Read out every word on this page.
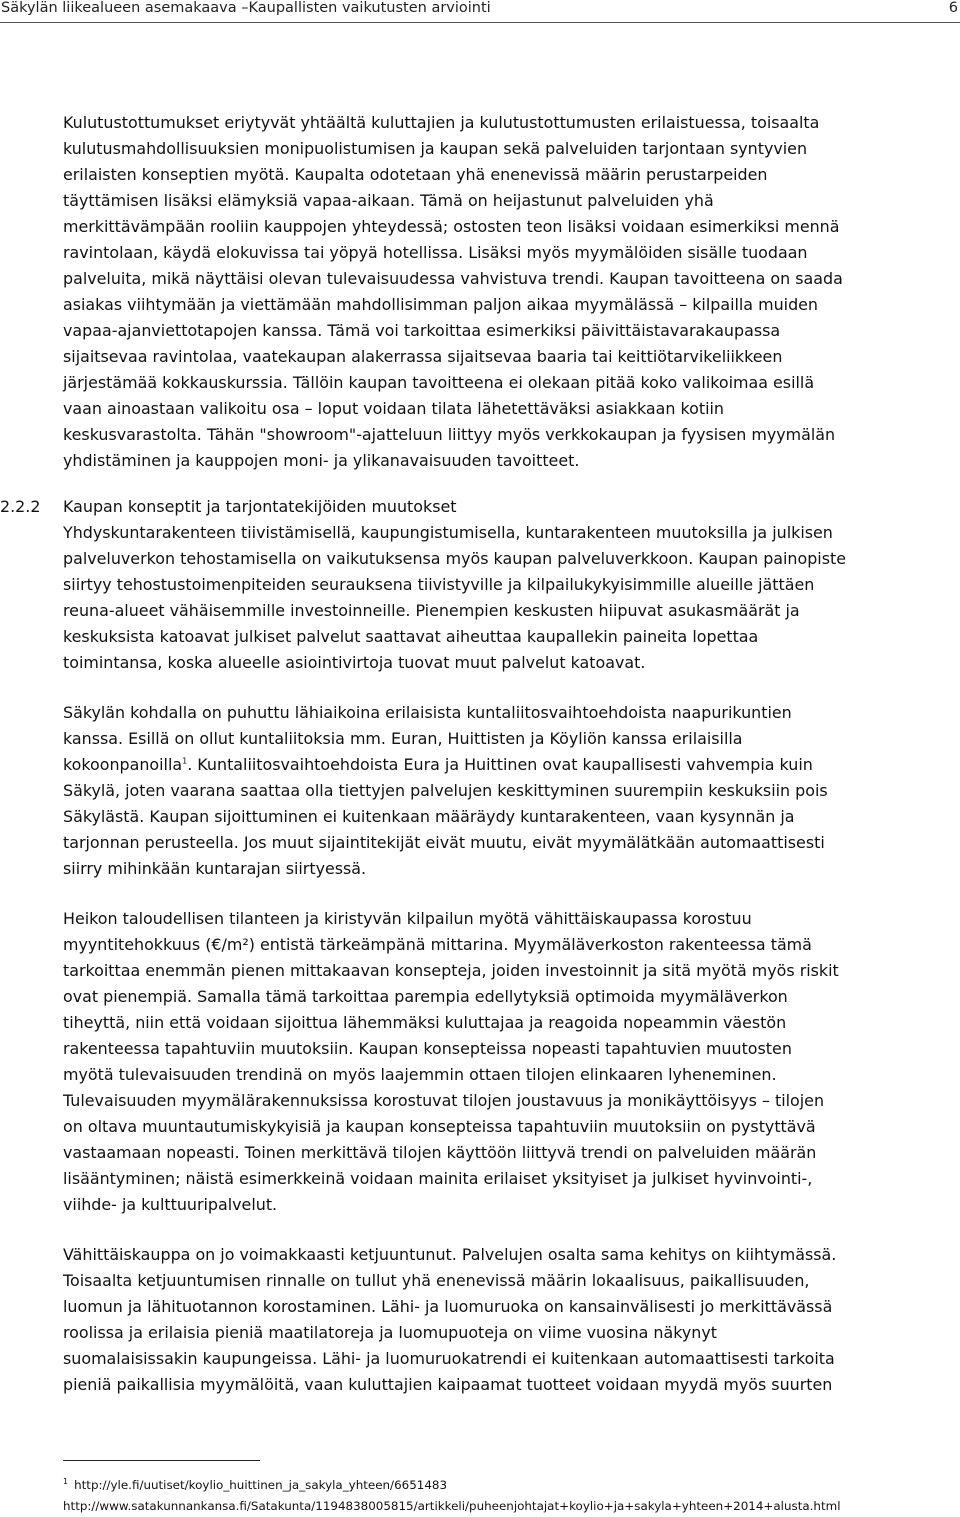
Säkylän liikealueen asemakaava –Kaupallisten vaikutusten arviointi	6
Kulutustottumukset eriytyvät yhtäältä kuluttajien ja kulutustottumusten erilaistuessa, toisaalta
kulutusmahdollisuuksien monipuolistumisen ja kaupan sekä palveluiden tarjontaan syntyvien
erilaisten konseptien myötä. Kaupalta odotetaan yhä enenevissä määrin perustarpeiden
täyttämisen lisäksi elämyksiä vapaa-aikaan. Tämä on heijastunut palveluiden yhä
merkittävämpään rooliin kauppojen yhteydessä; ostosten teon lisäksi voidaan esimerkiksi mennä
ravintolaan, käydä elokuvissa tai yöpyä hotellissa. Lisäksi myös myymälöiden sisälle tuodaan
palveluita, mikä näyttäisi olevan tulevaisuudessa vahvistuva trendi. Kaupan tavoitteena on saada
asiakas viihtymään ja viettämään mahdollisimman paljon aikaa myymälässä – kilpailla muiden
vapaa-ajanviettotapojen kanssa. Tämä voi tarkoittaa esimerkiksi päivittäistavarakaupassa
sijaitsevaa ravintolaa, vaatekaupan alakerrassa sijaitsevaa baaria tai keittiötarvikeliikkeen
järjestämää kokkauskurssia. Tällöin kaupan tavoitteena ei olekaan pitää koko valikoimaa esillä
vaan ainoastaan valikoitu osa – loput voidaan tilata lähetettäväksi asiakkaan kotiin
keskusvarastolta. Tähän "showroom"-ajatteluun liittyy myös verkkokaupan ja fyysisen myymälän
yhdistäminen ja kauppojen moni- ja ylikanavaisuuden tavoitteet.
2.2.2 Kaupan konseptit ja tarjontatekijöiden muutokset
Yhdyskuntarakenteen tiivistämisellä, kaupungistumisella, kuntarakenteen muutoksilla ja julkisen
palveluverkon tehostamisella on vaikutuksensa myös kaupan palveluverkkoon. Kaupan painopiste
siirtyy tehostustoimenpiteiden seurauksena tiivistyville ja kilpailukykyisimmille alueille jättäen
reuna-alueet vähäisemmille investoinneille. Pienempien keskusten hiipuvat asukasmäärät ja
keskuksista katoavat julkiset palvelut saattavat aiheuttaa kaupallekin paineita lopettaa
toimintansa, koska alueelle asiointivirtoja tuovat muut palvelut katoavat.
Säkylän kohdalla on puhuttu lähiaikoina erilaisista kuntaliitosvaihtoehdoista naapurikuntien
kanssa. Esillä on ollut kuntaliitoksia mm. Euran, Huittisten ja Köyliön kanssa erilaisilla
kokoonpanoilla$^1$. Kuntaliitosvaihtoehdoista Eura ja Huittinen ovat kaupallisesti vahvempia kuin
Säkylä, joten vaarana saattaa olla tiettyjen palvelujen keskittyminen suurempiin keskuksiin pois
Säkylästä. Kaupan sijoittuminen ei kuitenkaan määräydy kuntarakenteen, vaan kysynnän ja
tarjonnan perusteella. Jos muut sijaintitekijät eivät muutu, eivät myymälätkään automaattisesti
siirry mihinkään kuntarajan siirtyessä.
Heikon taloudellisen tilanteen ja kiristyvän kilpailun myötä vähittäiskaupassa korostuu
myyntitehokkuus (€/m²) entistä tärkeämpänä mittarina. Myymäläverkoston rakenteessa tämä
tarkoittaa enemmän pienen mittakaavan konsepteja, joiden investoinnit ja sitä myötä myös riskit
ovat pienempiä. Samalla tämä tarkoittaa parempia edellytyksiä optimoida myymäläverkon
tiheyttä, niin että voidaan sijoittua lähemmäksi kuluttajaa ja reagoida nopeammin väestön
rakenteessa tapahtuviin muutoksiin. Kaupan konsepteissa nopeasti tapahtuvien muutosten
myötä tulevaisuuden trendinä on myös laajemmin ottaen tilojen elinkaaren lyheneminen.
Tulevaisuuden myymälärakennuksissa korostuvat tilojen joustavuus ja monikäyttöisyys – tilojen
on oltava muuntautumiskykyisiä ja kaupan konsepteissa tapahtuviin muutoksiin on pystyttävä
vastaamaan nopeasti. Toinen merkittävä tilojen käyttöön liittyvä trendi on palveluiden määrän
lisääntyminen; näistä esimerkkeinä voidaan mainita erilaiset yksityiset ja julkiset hyvinvointi-,
viihde- ja kulttuuripalvelut.
Vähittäiskauppa on jo voimakkaasti ketjuuntunut. Palvelujen osalta sama kehitys on kiihtymässä.
Toisaalta ketjuuntumisen rinnalle on tullut yhä enenevissä määrin lokaalisuus, paikallisuuden,
luomun ja lähituotannon korostaminen. Lähi- ja luomuruoka on kansainvälisesti jo merkittävässä
roolissa ja erilaisia pieniä maatilatoreja ja luomupuoteja on viime vuosina näkynyt
suomalaisissakin kaupungeissa. Lähi- ja luomuruokatrendi ei kuitenkaan automaattisesti tarkoita
pieniä paikallisia myymälöitä, vaan kuluttajien kaipaamat tuotteet voidaan myydä myös suurten
$^1$ http://yle.fi/uutiset/koylio_huittinen_ja_sakyla_yhteen/6651483
http://www.satakunnankansa.fi/Satakunta/1194838005815/artikkeli/puheenjohtajat+koylio+ja+sakyla+yhteen+2014+alusta.html
